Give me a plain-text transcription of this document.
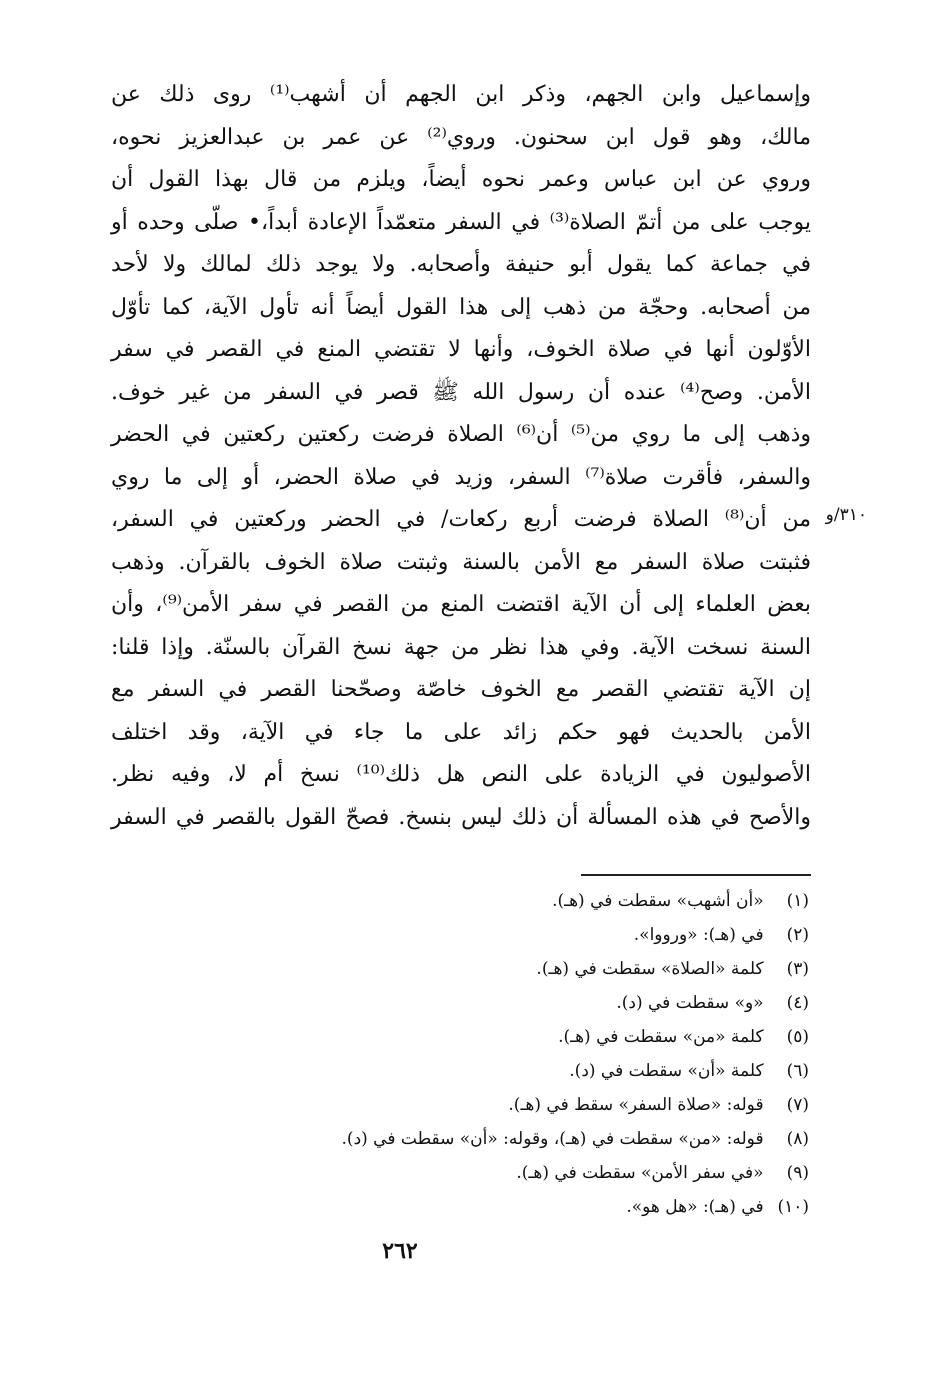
وإسماعيل وابن الجهم، وذكر ابن الجهم أن أشهب⁽¹⁾ روى ذلك عن
مالك، وهو قول ابن سحنون. وروي⁽²⁾ عن عمر بن عبدالعزيز نحوه،
وروي عن ابن عباس وعمر نحوه أيضاً، ويلزم من قال بهذا القول أن
يوجب على من أتمّ الصلاة⁽³⁾ في السفر متعمّداً الإعادة أبداً،• صلّى وحده أو
في جماعة كما يقول أبو حنيفة وأصحابه. ولا يوجد ذلك لمالك ولا لأحد
من أصحابه. وحجّة من ذهب إلى هذا القول أيضاً أنه تأول الآية، كما تأوّل
الأوّلون أنها في صلاة الخوف، وأنها لا تقتضي المنع في القصر في سفر
الأمن. وصح⁽⁴⁾ عنده أن رسول الله ﷺ قصر في السفر من غير خوف.
وذهب إلى ما روي من⁽⁵⁾ أن⁽⁶⁾ الصلاة فرضت ركعتين ركعتين في الحضر
والسفر، فأقرت صلاة⁽⁷⁾ السفر، وزيد في صلاة الحضر، أو إلى ما روي
من أن⁽⁸⁾ الصلاة فرضت أربع ركعات/ في الحضر وركعتين في السفر،
فثبتت صلاة السفر مع الأمن بالسنة وثبتت صلاة الخوف بالقرآن. وذهب
بعض العلماء إلى أن الآية اقتضت المنع من القصر في سفر الأمن⁽⁹⁾، وأن
السنة نسخت الآية. وفي هذا نظر من جهة نسخ القرآن بالسنّة. وإذا قلنا:
إن الآية تقتضي القصر مع الخوف خاصّة وصحّحنا القصر في السفر مع
الأمن بالحديث فهو حكم زائد على ما جاء في الآية، وقد اختلف
الأصوليون في الزيادة على النص هل ذلك⁽¹⁰⁾ نسخ أم لا، وفيه نظر.
والأصح في هذه المسألة أن ذلك ليس بنسخ. فصحّ القول بالقصر في السفر
٣١٠/و
(١) «أن أشهب» سقطت في (هـ).
(٢) في (هـ): «ورووا».
(٣) كلمة «الصلاة» سقطت في (هـ).
(٤) «و» سقطت في (د).
(٥) كلمة «من» سقطت في (هـ).
(٦) كلمة «أن» سقطت في (د).
(٧) قوله: «صلاة السفر» سقط في (هـ).
(٨) قوله: «من» سقطت في (هـ)، وقوله: «أن» سقطت في (د).
(٩) «في سفر الأمن» سقطت في (هـ).
(١٠) في (هـ): «هل هو».
٢٦٢
